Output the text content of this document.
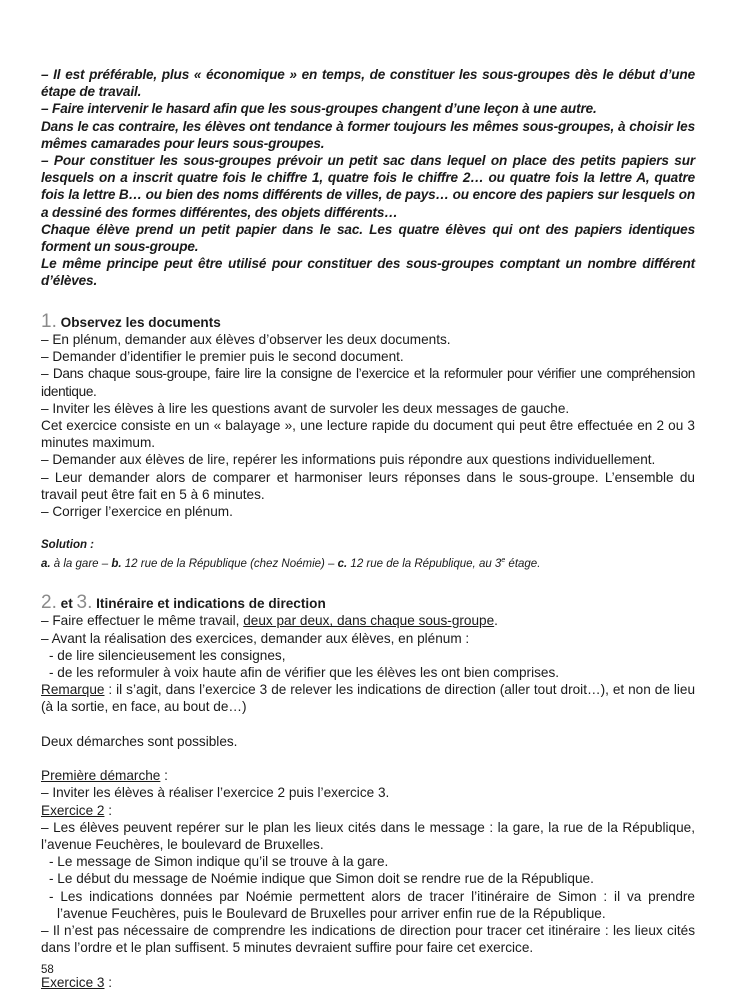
– Il est préférable, plus « économique » en temps, de constituer les sous-groupes dès le début d’une étape de travail.

– Faire intervenir le hasard afin que les sous-groupes changent d’une leçon à une autre.

Dans le cas contraire, les élèves ont tendance à former toujours les mêmes sous-groupes, à choisir les mêmes camarades pour leurs sous-groupes.

– Pour constituer les sous-groupes prévoir un petit sac dans lequel on place des petits papiers sur lesquels on a inscrit quatre fois le chiffre 1, quatre fois le chiffre 2… ou quatre fois la lettre A, quatre fois la lettre B… ou bien des noms différents de villes, de pays… ou encore des papiers sur lesquels on a dessiné des formes différentes, des objets différents…

Chaque élève prend un petit papier dans le sac. Les quatre élèves qui ont des papiers identiques forment un sous-groupe.

Le même principe peut être utilisé pour constituer des sous-groupes comptant un nombre différent d’élèves.

1. Observez les documents

– En plénum, demander aux élèves d’observer les deux documents.

– Demander d’identifier le premier puis le second document.

– Dans chaque sous-groupe, faire lire la consigne de l’exercice et la reformuler pour vérifier une compréhension identique.

– Inviter les élèves à lire les questions avant de survoler les deux messages de gauche.

Cet exercice consiste en un « balayage », une lecture rapide du document qui peut être effectuée en 2 ou 3 minutes maximum.

– Demander aux élèves de lire, repérer les informations puis répondre aux questions individuellement.

– Leur demander alors de comparer et harmoniser leurs réponses dans le sous-groupe. L’ensemble du travail peut être fait en 5 à 6 minutes.

– Corriger l’exercice en plénum.

Solution :

a. à la gare – b. 12 rue de la République (chez Noémie) – c. 12 rue de la République, au 3e étage.

2. et 3. Itinéraire et indications de direction

– Faire effectuer le même travail, deux par deux, dans chaque sous-groupe.

– Avant la réalisation des exercices, demander aux élèves, en plénum :

- de lire silencieusement les consignes,

- de les reformuler à voix haute afin de vérifier que les élèves les ont bien comprises.

Remarque : il s’agit, dans l’exercice 3 de relever les indications de direction (aller tout droit…), et non de lieu (à la sortie, en face, au bout de…)

Deux démarches sont possibles.

Première démarche :

– Inviter les élèves à réaliser l’exercice 2 puis l’exercice 3.

Exercice 2 :

– Les élèves peuvent repérer sur le plan les lieux cités dans le message : la gare, la rue de la République, l’avenue Feuchères, le boulevard de Bruxelles.

- Le message de Simon indique qu’il se trouve à la gare.

- Le début du message de Noémie indique que Simon doit se rendre rue de la République.

- Les indications données par Noémie permettent alors de tracer l’itinéraire de Simon : il va prendre l’avenue Feuchères, puis le Boulevard de Bruxelles pour arriver enfin rue de la République.

– Il n’est pas nécessaire de comprendre les indications de direction pour tracer cet itinéraire : les lieux cités dans l’ordre et le plan suffisent. 5 minutes devraient suffire pour faire cet exercice.

Exercice 3 :

58
